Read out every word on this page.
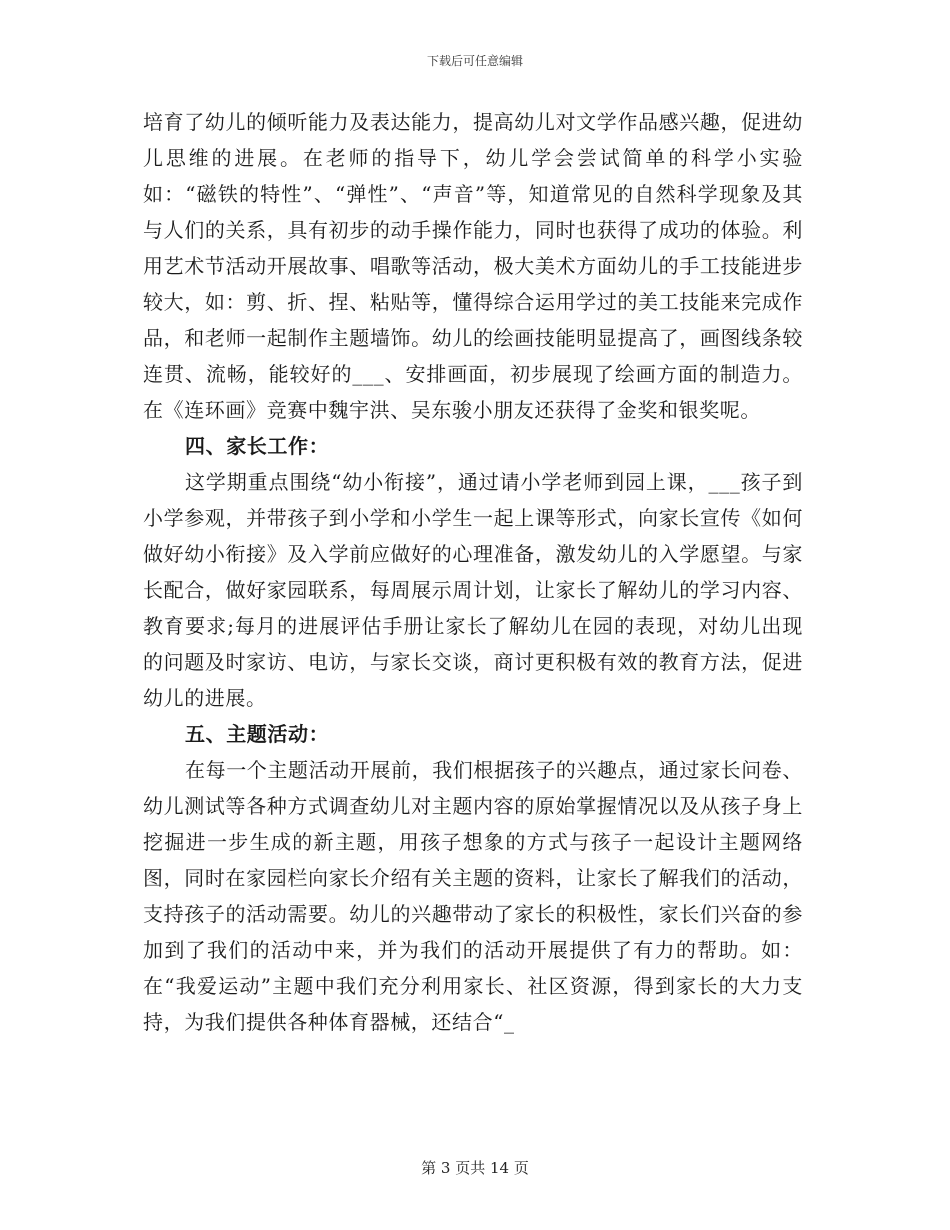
下载后可任意编辑

培育了幼儿的倾听能力及表达能力，提高幼儿对文学作品感兴趣，促进幼儿思维的进展。在老师的指导下，幼儿学会尝试简单的科学小实验如：“磁铁的特性”、“弹性”、“声音”等，知道常见的自然科学现象及其与人们的关系，具有初步的动手操作能力，同时也获得了成功的体验。利用艺术节活动开展故事、唱歌等活动，极大美术方面幼儿的手工技能进步较大，如：剪、折、捏、粘贴等，懂得综合运用学过的美工技能来完成作品，和老师一起制作主题墙饰。幼儿的绘画技能明显提高了，画图线条较连贯、流畅，能较好的___、安排画面，初步展现了绘画方面的制造力。在《连环画》竞赛中魏宇洪、吴东骏小朋友还获得了金奖和银奖呢。

四、家长工作：

这学期重点围绕“幼小衔接”，通过请小学老师到园上课，___孩子到小学参观，并带孩子到小学和小学生一起上课等形式，向家长宣传《如何做好幼小衔接》及入学前应做好的心理准备，激发幼儿的入学愿望。与家长配合，做好家园联系，每周展示周计划，让家长了解幼儿的学习内容、教育要求;每月的进展评估手册让家长了解幼儿在园的表现，对幼儿出现的问题及时家访、电访，与家长交谈，商讨更积极有效的教育方法，促进幼儿的进展。

五、主题活动：

在每一个主题活动开展前，我们根据孩子的兴趣点，通过家长问卷、幼儿测试等各种方式调查幼儿对主题内容的原始掌握情况以及从孩子身上挖掘进一步生成的新主题，用孩子想象的方式与孩子一起设计主题网络图，同时在家园栏向家长介绍有关主题的资料，让家长了解我们的活动，支持孩子的活动需要。幼儿的兴趣带动了家长的积极性，家长们兴奋的参加到了我们的活动中来，并为我们的活动开展提供了有力的帮助。如：在“我爱运动”主题中我们充分利用家长、社区资源，得到家长的大力支持，为我们提供各种体育器械，还结合“_

第 3 页共 14 页
